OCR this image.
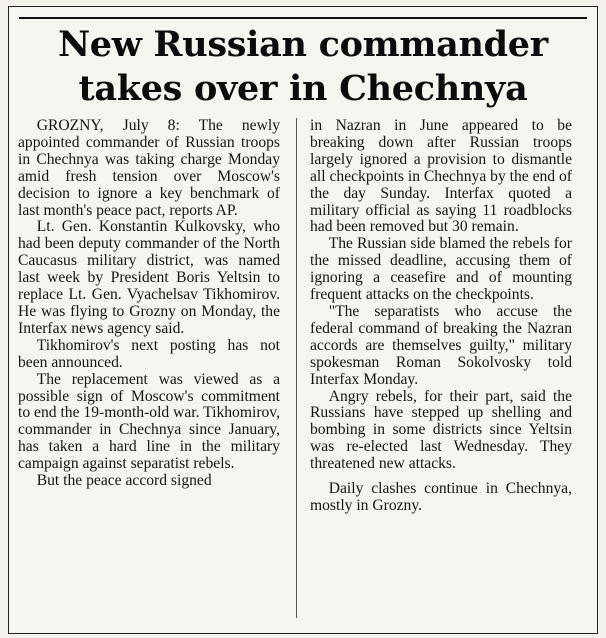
New Russian commander
takes over in Chechnya

GROZNY, July 8: The newly appointed commander of Russian troops in Chechnya was taking charge Monday amid fresh tension over Moscow's decision to ignore a key benchmark of last month's peace pact, reports AP.

Lt. Gen. Konstantin Kulkovsky, who had been deputy commander of the North Caucasus military district, was named last week by President Boris Yeltsin to replace Lt. Gen. Vyachelsav Tikhomirov. He was flying to Grozny on Monday, the Interfax news agency said.

Tikhomirov's next posting has not been announced.

The replacement was viewed as a possible sign of Moscow's commitment to end the 19-month-old war. Tikhomirov, commander in Chechnya since January, has taken a hard line in the military campaign against separatist rebels.

But the peace accord signed

in Nazran in June appeared to be breaking down after Russian troops largely ignored a provision to dismantle all checkpoints in Chechnya by the end of the day Sunday. Interfax quoted a military official as saying 11 roadblocks had been removed but 30 remain.

The Russian side blamed the rebels for the missed deadline, accusing them of ignoring a ceasefire and of mounting frequent attacks on the checkpoints.

"The separatists who accuse the federal command of breaking the Nazran accords are themselves guilty," military spokesman Roman Sokolvosky told Interfax Monday.

Angry rebels, for their part, said the Russians have stepped up shelling and bombing in some districts since Yeltsin was re-elected last Wednesday. They threatened new attacks.

Daily clashes continue in Chechnya, mostly in Grozny.
